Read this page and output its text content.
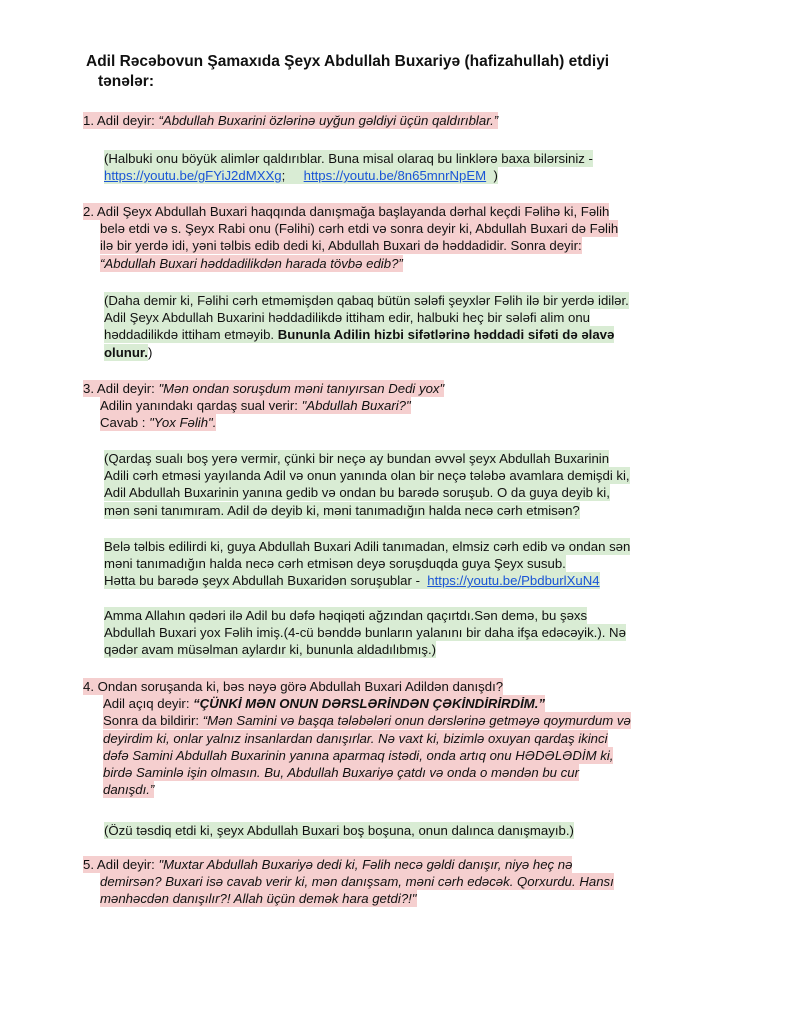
Adil Rəcəbovun Şamaxıda Şeyx Abdullah Buxariyə (hafizahullah) etdiyi
tənələr:
1. Adil deyir: “Abdullah Buxarini özlərinə uyğun gəldiyi üçün qaldırıblar.”
(Halbuki onu böyük alimlər qaldırıblar. Buna misal olaraq bu linklərə baxa bilərsiniz -
https://youtu.be/gFYiJ2dMXXg;     https://youtu.be/8n65mnrNpEM  )
2. Adil Şeyx Abdullah Buxari haqqında danışmağa başlayanda dərhal keçdi Fəlihə ki, Fəlih
belə etdi və s. Şeyx Rabi onu (Fəlihi) cərh etdi və sonra deyir ki, Abdullah Buxari də Fəlih
ilə bir yerdə idi, yəni təlbis edib dedi ki, Abdullah Buxari də həddadidir. Sonra deyir:
“Abdullah Buxari həddadilikdən harada tövbə edib?”
(Daha demir ki, Fəlihi cərh etməmişdən qabaq bütün sələfi şeyxlər Fəlih ilə bir yerdə idilər.
Adil Şeyx Abdullah Buxarini həddadilikdə ittiham edir, halbuki heç bir sələfi alim onu
həddadilikdə ittiham etməyib. Bununla Adilin hizbi sifətlərinə həddadi sifəti də əlavə
olunur.)
3. Adil deyir: "Mən ondan soruşdum məni tanıyırsan Dedi yox"
Adilin yanındakı qardaş sual verir: "Abdullah Buxari?"
Cavab : "Yox Fəlih".
(Qardaş sualı boş yerə vermir, çünki bir neçə ay bundan əvvəl şeyx Abdullah Buxarinin
Adili cərh etməsi yayılanda Adil və onun yanında olan bir neçə tələbə avamlara demişdi ki,
Adil Abdullah Buxarinin yanına gedib və ondan bu barədə soruşub. O da guya deyib ki,
mən səni tanımıram. Adil də deyib ki, məni tanımadığın halda necə cərh etmisən?
Belə təlbis edilirdi ki, guya Abdullah Buxari Adili tanımadan, elmsiz cərh edib və ondan sən
məni tanımadığın halda necə cərh etmisən deyə soruşduqda guya Şeyx susub.
Hətta bu barədə şeyx Abdullah Buxaridən soruşublar -  https://youtu.be/PbdburlXuN4
Amma Allahın qədəri ilə Adil bu dəfə həqiqəti ağzından qaçırtdı.Sən demə, bu şəxs
Abdullah Buxari yox Fəlih imiş.(4-cü bənddə bunların yalanını bir daha ifşa edəcəyik.). Nə
qədər avam müsəlman aylardır ki, bununla aldadılıbmış.)
4. Ondan soruşanda ki, bəs nəyə görə Abdullah Buxari Adildən danışdı?
Adil açıq deyir: “ÇÜNKİ MƏN ONUN DƏRSLƏRİNDƏN ÇƏKİNDİRİRDİM.”
Sonra da bildirir: “Mən Samini və başqa tələbələri onun dərslərinə getməyə qoymurdum və
deyirdim ki, onlar yalnız insanlardan danışırlar. Nə vaxt ki, bizimlə oxuyan qardaş ikinci
dəfə Samini Abdullah Buxarinin yanına aparmaq istədi, onda artıq onu HƏDƏLƏDİM ki,
birdə Saminlə işin olmasın. Bu, Abdullah Buxariyə çatdı və onda o məndən bu cur
danışdı.”
(Özü təsdiq etdi ki, şeyx Abdullah Buxari boş boşuna, onun dalınca danışmayıb.)
5. Adil deyir: "Muxtar Abdullah Buxariyə dedi ki, Fəlih necə gəldi danışır, niyə heç nə
demirsən? Buxari isə cavab verir ki, mən danışsam, məni cərh edəcək. Qorxurdu. Hansı
mənhəcdən danışılır?! Allah üçün demək hara getdi?!"
